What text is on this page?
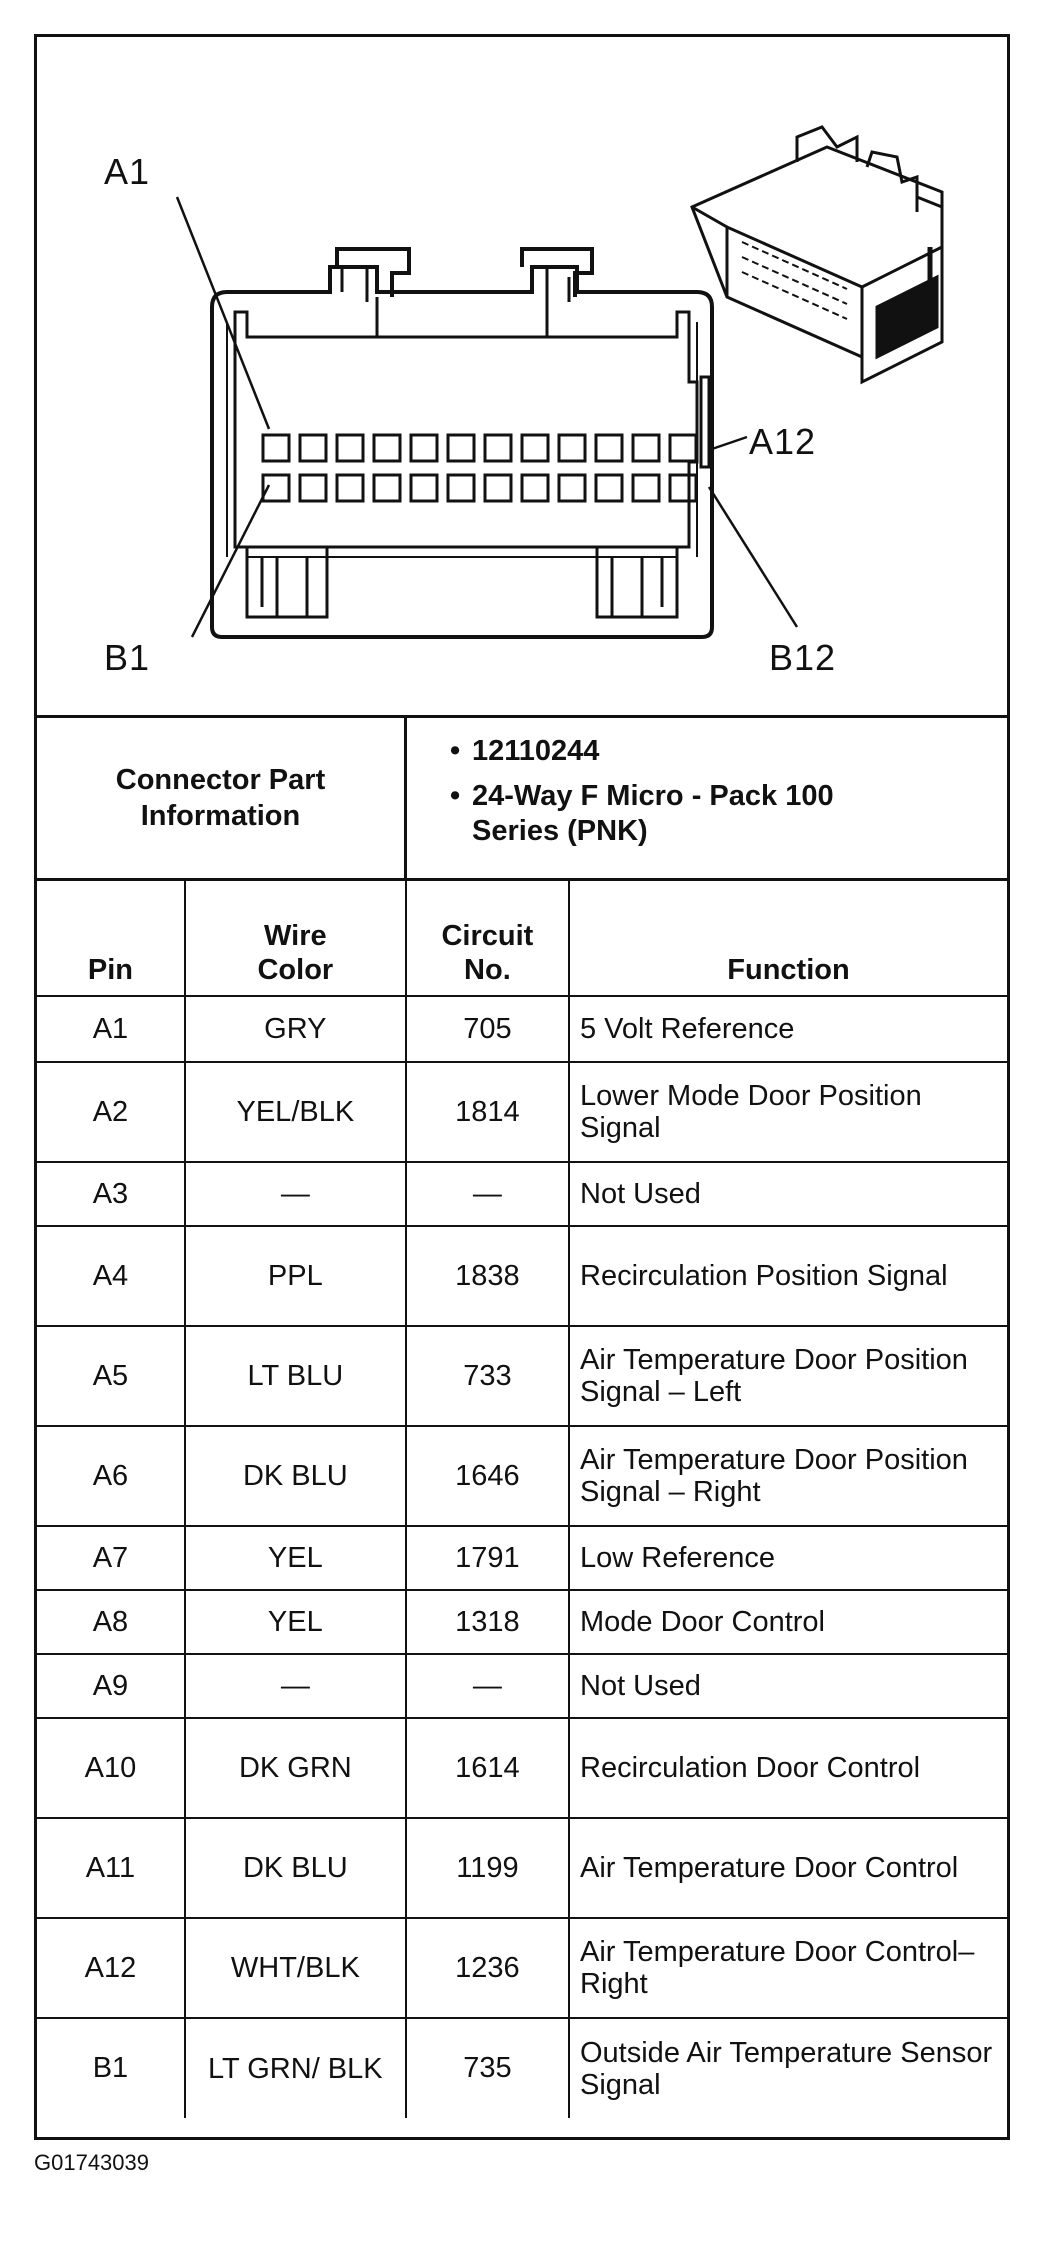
A1
A12
B1	B12
Connector Part Information
• 12110244
• 24-Way F Micro - Pack 100 Series (PNK)
Pin	Wire Color	Circuit No.	Function
A1	GRY	705	5 Volt Reference
A2	YEL/BLK	1814	Lower Mode Door Position Signal
A3	—	—	Not Used
A4	PPL	1838	Recirculation Position Signal
A5	LT BLU	733	Air Temperature Door Position Signal – Left
A6	DK BLU	1646	Air Temperature Door Position Signal – Right
A7	YEL	1791	Low Reference
A8	YEL	1318	Mode Door Control
A9	—	—	Not Used
A10	DK GRN	1614	Recirculation Door Control
A11	DK BLU	1199	Air Temperature Door Control
A12	WHT/BLK	1236	Air Temperature Door Control–Right
B1	LT GRN/ BLK	735	Outside Air Temperature Sensor Signal
G01743039
